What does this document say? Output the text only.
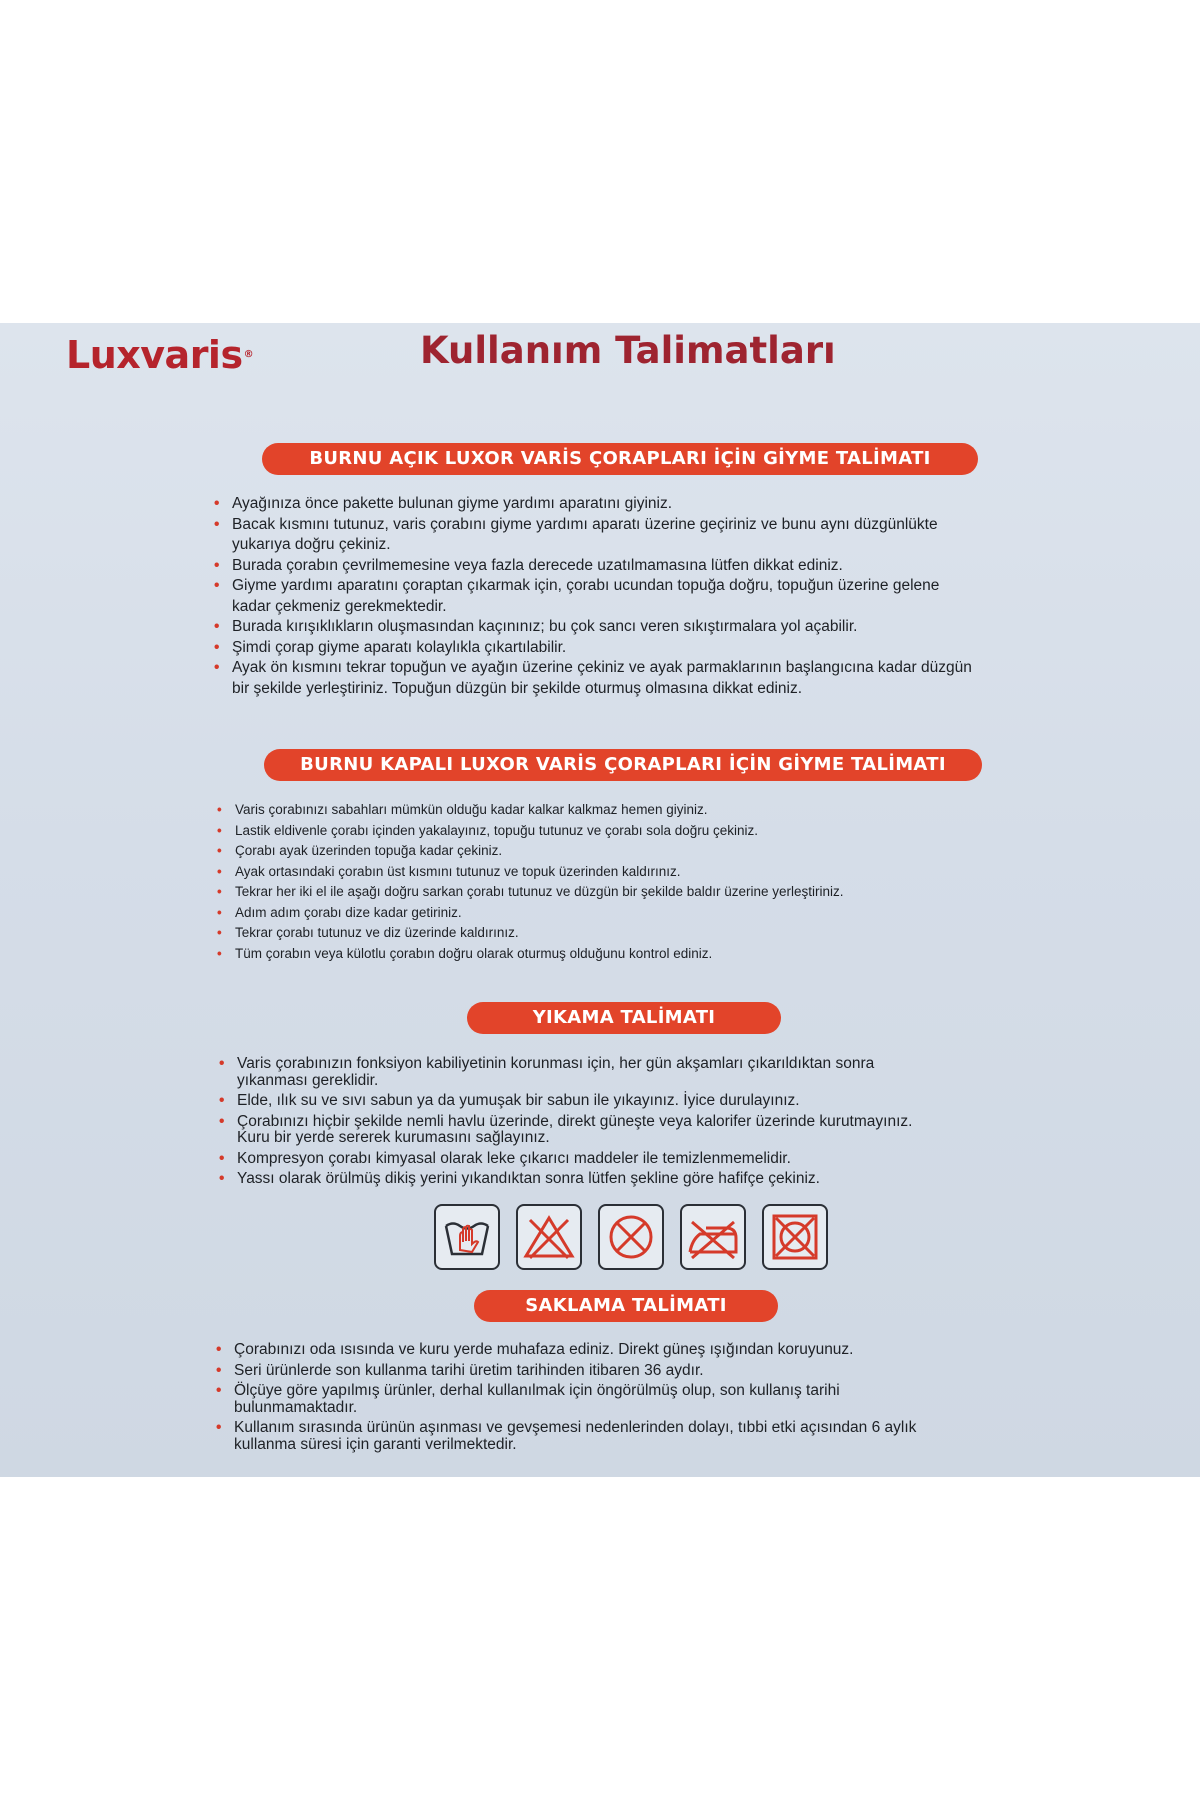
Luxvaris®	Kullanım Talimatları
BURNU AÇIK LUXOR VARİS ÇORAPLARI İÇİN GİYME TALİMATI
• Ayağınıza önce pakette bulunan giyme yardımı aparatını giyiniz.
• Bacak kısmını tutunuz, varis çorabını giyme yardımı aparatı üzerine geçiriniz ve bunu aynı düzgünlükte yukarıya doğru çekiniz.
• Burada çorabın çevrilmemesine veya fazla derecede uzatılmamasına lütfen dikkat ediniz.
• Giyme yardımı aparatını çoraptan çıkarmak için, çorabı ucundan topuğa doğru, topuğun üzerine gelene kadar çekmeniz gerekmektedir.
• Burada kırışıklıkların oluşmasından kaçınınız; bu çok sancı veren sıkıştırmalara yol açabilir.
• Şimdi çorap giyme aparatı kolaylıkla çıkartılabilir.
• Ayak ön kısmını tekrar topuğun ve ayağın üzerine çekiniz ve ayak parmaklarının başlangıcına kadar düzgün bir şekilde yerleştiriniz. Topuğun düzgün bir şekilde oturmuş olmasına dikkat ediniz.
BURNU KAPALI LUXOR VARİS ÇORAPLARI İÇİN GİYME TALİMATI
• Varis çorabınızı sabahları mümkün olduğu kadar kalkar kalkmaz hemen giyiniz.
• Lastik eldivenle çorabı içinden yakalayınız, topuğu tutunuz ve çorabı sola doğru çekiniz.
• Çorabı ayak üzerinden topuğa kadar çekiniz.
• Ayak ortasındaki çorabın üst kısmını tutunuz ve topuk üzerinden kaldırınız.
• Tekrar her iki el ile aşağı doğru sarkan çorabı tutunuz ve düzgün bir şekilde baldır üzerine yerleştiriniz.
• Adım adım çorabı dize kadar getiriniz.
• Tekrar çorabı tutunuz ve diz üzerinde kaldırınız.
• Tüm çorabın veya külotlu çorabın doğru olarak oturmuş olduğunu kontrol ediniz.
YIKAMA TALİMATI
• Varis çorabınızın fonksiyon kabiliyetinin korunması için, her gün akşamları çıkarıldıktan sonra yıkanması gereklidir.
• Elde, ılık su ve sıvı sabun ya da yumuşak bir sabun ile yıkayınız. İyice durulayınız.
• Çorabınızı hiçbir şekilde nemli havlu üzerinde, direkt güneşte veya kalorifer üzerinde kurutmayınız. Kuru bir yerde sererek kurumasını sağlayınız.
• Kompresyon çorabı kimyasal olarak leke çıkarıcı maddeler ile temizlenmemelidir.
• Yassı olarak örülmüş dikiş yerini yıkandıktan sonra lütfen şekline göre hafifçe çekiniz.
SAKLAMA TALİMATI
• Çorabınızı oda ısısında ve kuru yerde muhafaza ediniz. Direkt güneş ışığından koruyunuz.
• Seri ürünlerde son kullanma tarihi üretim tarihinden itibaren 36 aydır.
• Ölçüye göre yapılmış ürünler, derhal kullanılmak için öngörülmüş olup, son kullanış tarihi bulunmamaktadır.
• Kullanım sırasında ürünün aşınması ve gevşemesi nedenlerinden dolayı, tıbbi etki açısından 6 aylık kullanma süresi için garanti verilmektedir.
